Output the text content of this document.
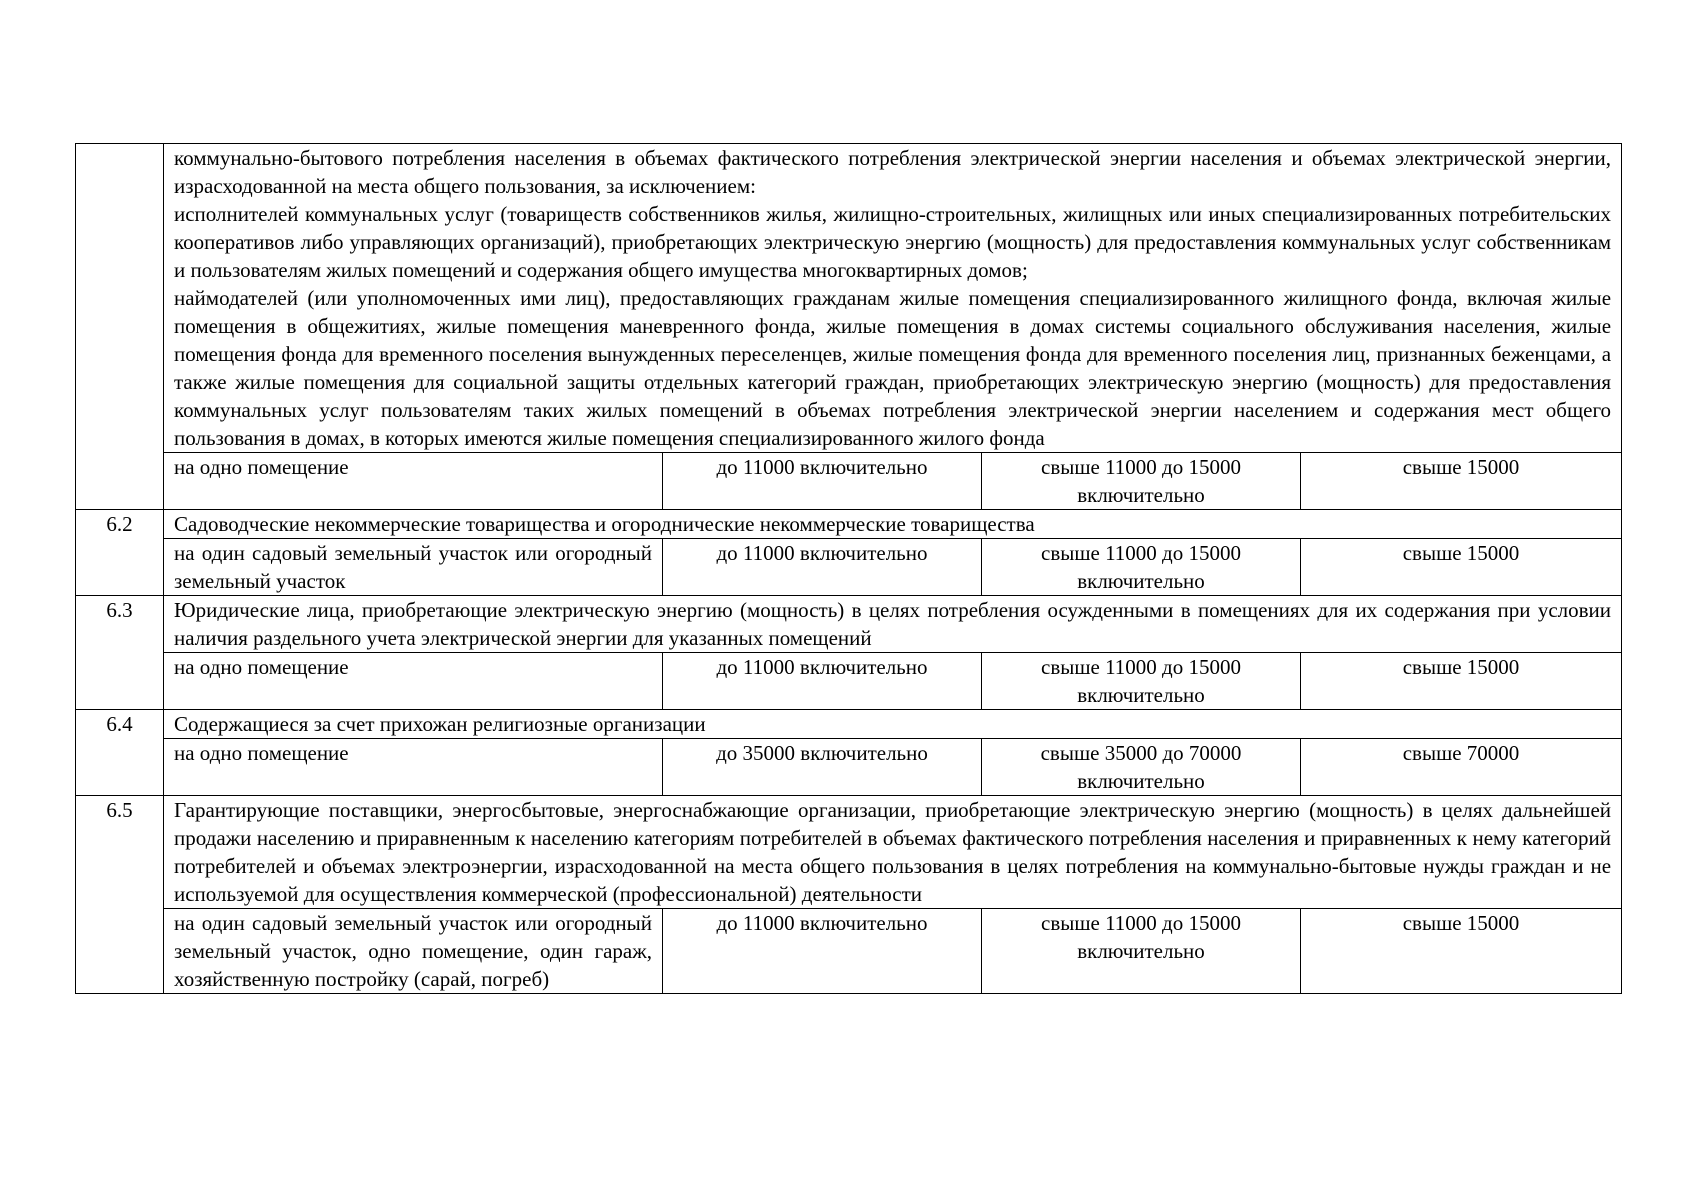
	коммунально-бытового потребления населения в объемах фактического потребления электрической энергии населения и объемах электрической энергии, израсходованной на места общего пользования, за исключением:
исполнителей коммунальных услуг (товариществ собственников жилья, жилищно-строительных, жилищных или иных специализированных потребительских кооперативов либо управляющих организаций), приобретающих электрическую энергию (мощность) для предоставления коммунальных услуг собственникам и пользователям жилых помещений и содержания общего имущества многоквартирных домов;
наймодателей (или уполномоченных ими лиц), предоставляющих гражданам жилые помещения специализированного жилищного фонда, включая жилые помещения в общежитиях, жилые помещения маневренного фонда, жилые помещения в домах системы социального обслуживания населения, жилые помещения фонда для временного поселения вынужденных переселенцев, жилые помещения фонда для временного поселения лиц, признанных беженцами, а также жилые помещения для социальной защиты отдельных категорий граждан, приобретающих электрическую энергию (мощность) для предоставления коммунальных услуг пользователям таких жилых помещений в объемах потребления электрической энергии населением и содержания мест общего пользования в домах, в которых имеются жилые помещения специализированного жилого фонда			

	на одно помещение	до 11000 включительно	свыше 11000 до 15000 включительно	свыше 15000
6.2	Садоводческие некоммерческие товарищества и огороднические некоммерческие товарищества			
	на один садовый земельный участок или огородный земельный участок	до 11000 включительно	свыше 11000 до 15000 включительно	свыше 15000
6.3	Юридические лица, приобретающие электрическую энергию (мощность) в целях потребления осужденными в помещениях для их содержания при условии наличия раздельного учета электрической энергии для указанных помещений			
	на одно помещение	до 11000 включительно	свыше 11000 до 15000 включительно	свыше 15000
6.4	Содержащиеся за счет прихожан религиозные организации			
	на одно помещение	до 35000 включительно	свыше 35000 до 70000 включительно	свыше 70000
6.5	Гарантирующие поставщики, энергосбытовые, энергоснабжающие организации, приобретающие электрическую энергию (мощность) в целях дальнейшей продажи населению и приравненным к населению категориям потребителей в объемах фактического потребления населения и приравненных к нему категорий потребителей и объемах электроэнергии, израсходованной на места общего пользования в целях потребления на коммунально-бытовые нужды граждан и не используемой для осуществления коммерческой (профессиональной) деятельности			
	на один садовый земельный участок или огородный земельный участок, одно помещение, один гараж, хозяйственную постройку (сарай, погреб)	до 11000 включительно	свыше 11000 до 15000 включительно	свыше 15000
